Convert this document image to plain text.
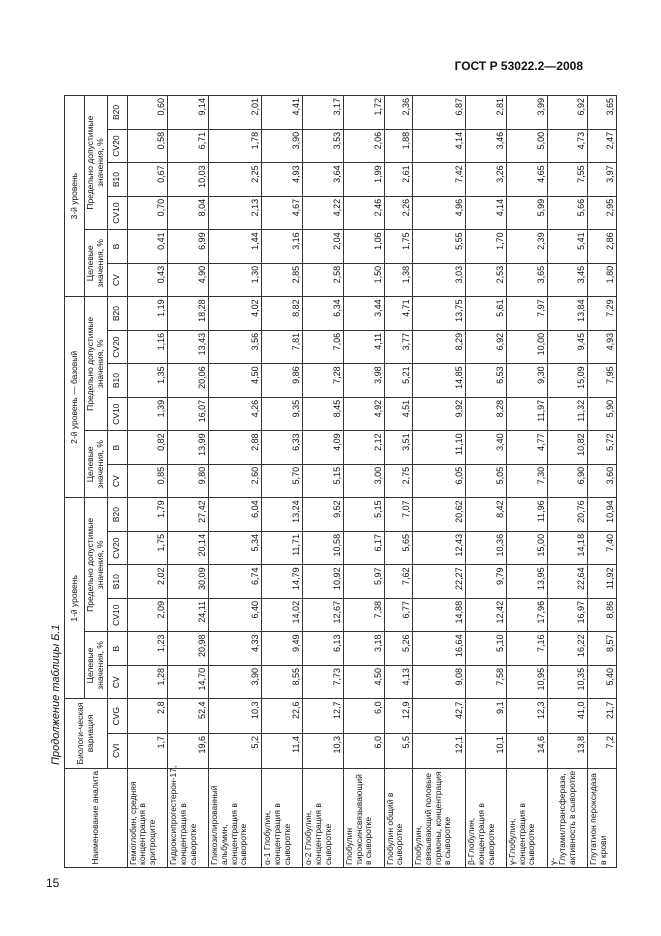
ГОСТ Р 53022.2—2008
Продолжение таблицы Б.1
Наименование аналита	Биологи-ческая вариация		1-й уровень						2-й уровень — базовый						3-й уровень					
			Целевые значения, %		Предельно допустимые значения, %				Целевые значения, %		Предельно допустимые значения, %				Целевые значения, %		Предельно допустимые значения, %			
	CVI	CVG	CV	B	CV10	B10	CV20	B20	CV	B	CV10	B10	CV20	B20	CV	B	CV10	B10	CV20	B20
Гемоглобин, средняя концентрация в эритроците	1,7	2,8	1,28	1,23	2,09	2,02	1,75	1,79	0,85	0,82	1,39	1,35	1,16	1,19	0,43	0,41	0,70	0,67	0,58	0,60
Гидроксипрогестерон-17, концентрация в сыворотке	19,6	52,4	14,70	20,98	24,11	30,09	20,14	27,42	9,80	13,99	16,07	20,06	13,43	18,28	4,90	6,99	8,04	10,03	6,71	9,14
Гликозилированный альбумин, концентрация в сыворотке	5,2	10,3	3,90	4,33	6,40	6,74	5,34	6,04	2,60	2,88	4,26	4,50	3,56	4,02	1,30	1,44	2,13	2,25	1,78	2,01
α-1 Глобулин, концентрация в сыворотке	11,4	22,6	8,55	9,49	14,02	14,79	11,71	13,24	5,70	6,33	9,35	9,86	7,81	8,82	2,85	3,16	4,67	4,93	3,90	4,41
α-2 Глобулин, концентрация в сыворотке	10,3	12,7	7,73	6,13	12,67	10,92	10,58	9,52	5,15	4,09	8,45	7,28	7,06	6,34	2,58	2,04	4,22	3,64	3,53	3,17
Глобулин тироксинсвязывающий в сыворотке	6,0	6,0	4,50	3,18	7,38	5,97	6,17	5,15	3,00	2,12	4,92	3,98	4,11	3,44	1,50	1,06	2,46	1,99	2,06	1,72
Глобулин общий в сыворотке	5,5	12,9	4,13	5,26	6,77	7,62	5,65	7,07	2,75	3,51	4,51	5,21	3,77	4,71	1,38	1,75	2,26	2,61	1,88	2,36
Глобулин, связывающий половые гормоны, концентрация в сыворотке	12,1	42,7	9,08	16,64	14,88	22,27	12,43	20,62	6,05	11,10	9,92	14,85	8,29	13,75	3,03	5,55	4,96	7,42	4,14	6,87
β-Глобулин, концентрация в сыворотке	10,1	9,1	7,58	5,10	12,42	9,79	10,36	8,42	5,05	3,40	8,28	6,53	6,92	5,61	2,53	1,70	4,14	3,26	3,46	2,81
γ-Глобулин, концентрация в сыворотке	14,6	12,3	10,95	7,16	17,96	13,95	15,00	11,96	7,30	4,77	11,97	9,30	10,00	7,97	3,65	2,39	5,99	4,65	5,00	3,99
γ-Глутамилтрансфераза, активность в сыворотке	13,8	41,0	10,35	16,22	16,97	22,64	14,18	20,76	6,90	10,82	11,32	15,09	9,45	13,84	3,45	5,41	5,66	7,55	4,73	6,92
Глутатион пероксидаза в крови	7,2	21,7	5,40	8,57	8,86	11,92	7,40	10,94	3,60	5,72	5,90	7,95	4,93	7,29	1,80	2,86	2,95	3,97	2,47	3,65
15
